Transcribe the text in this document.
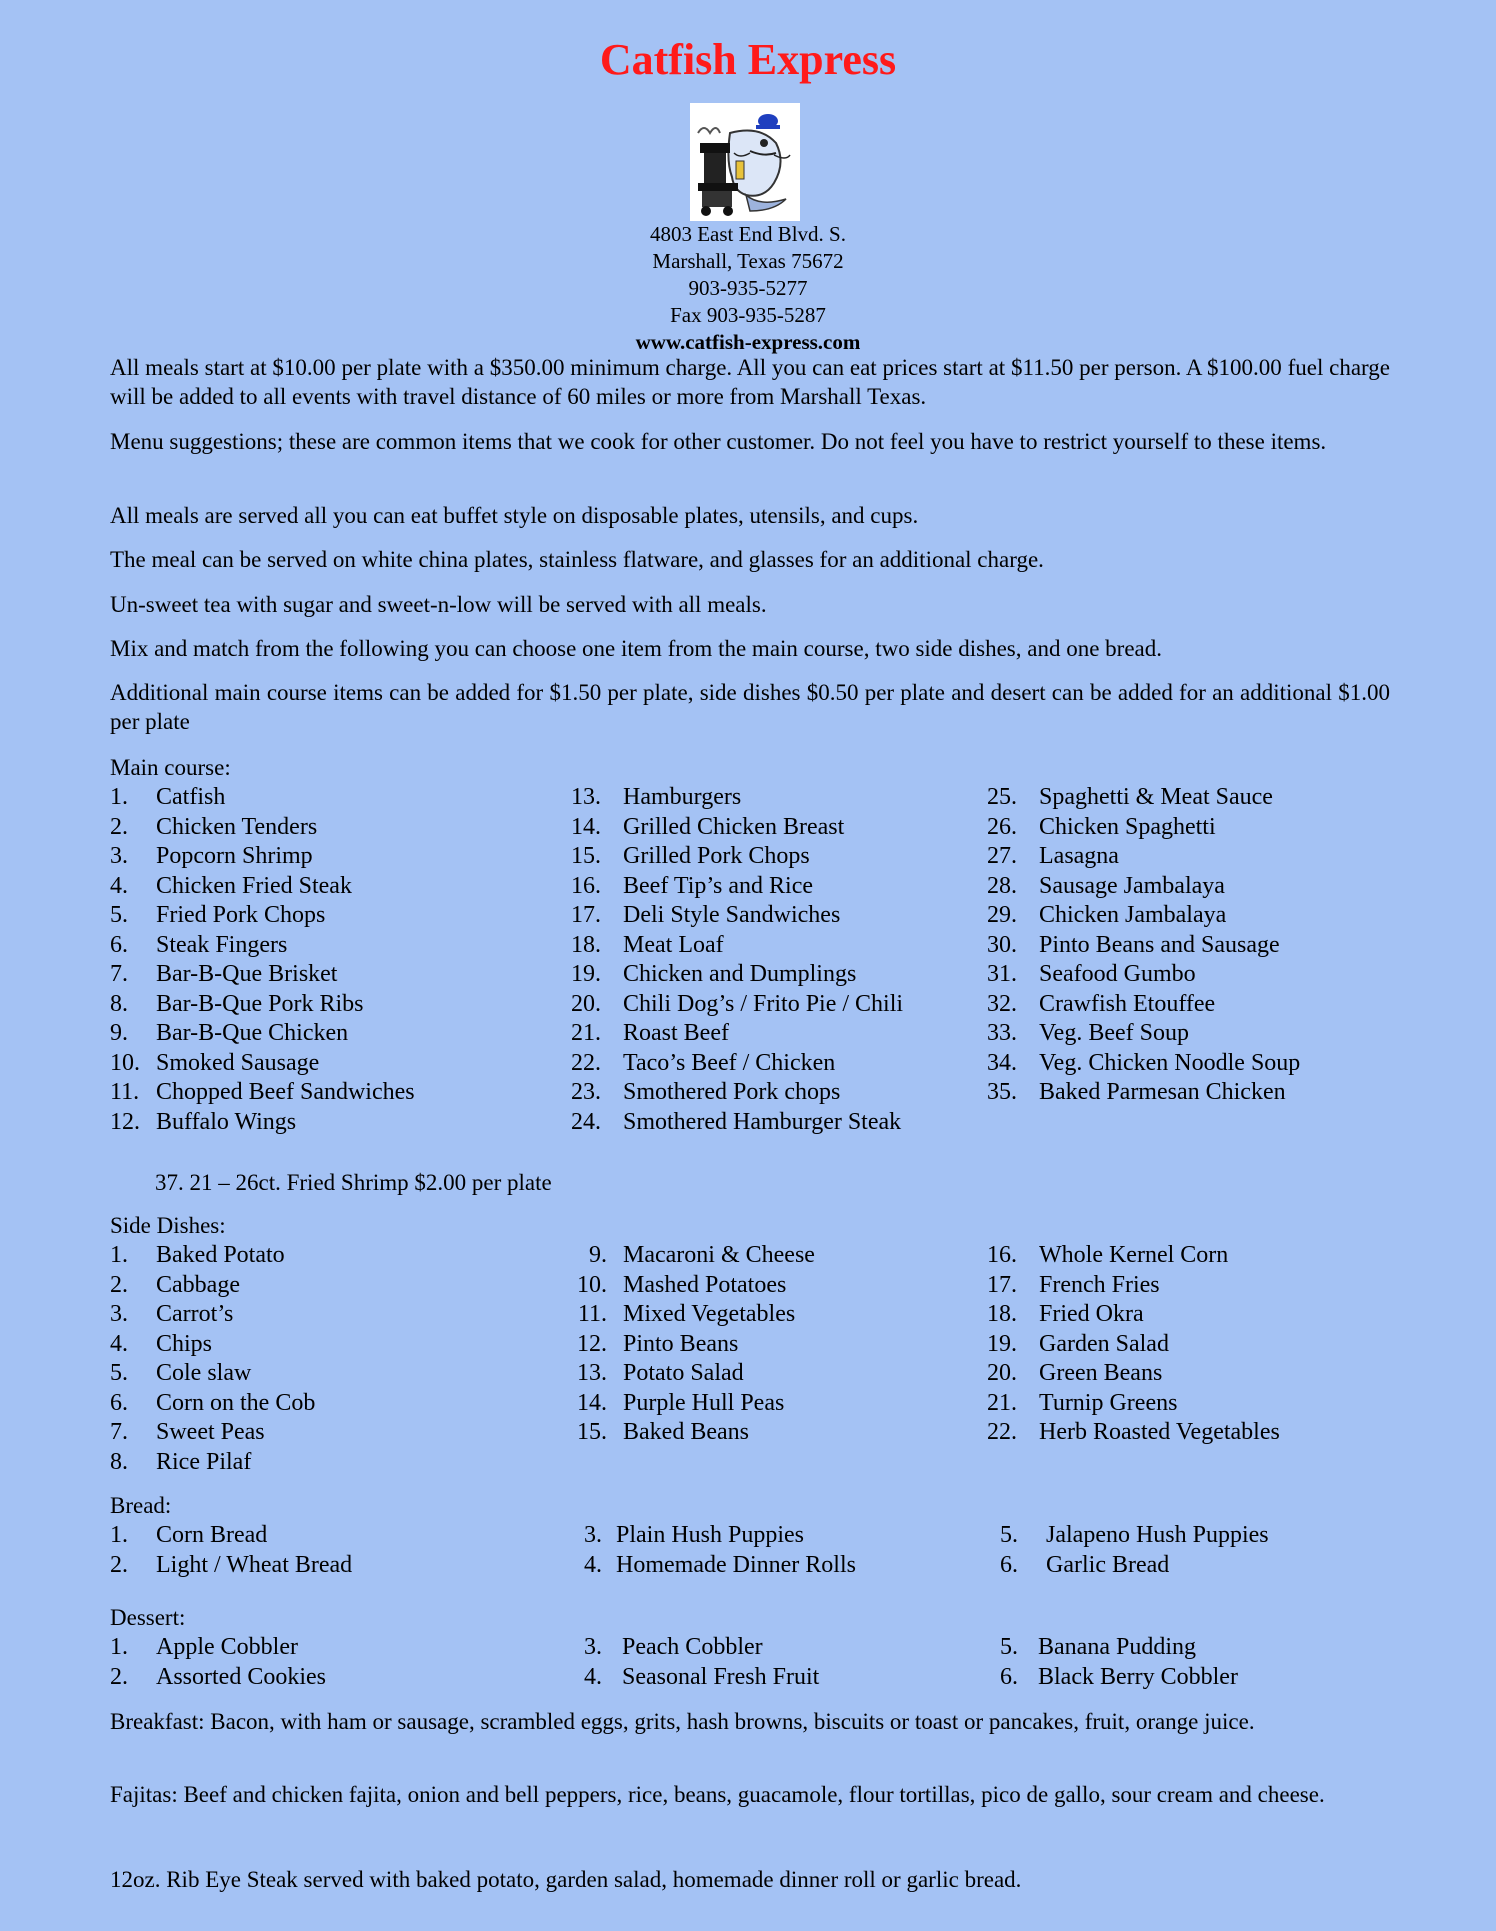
Catfish Express
4803 East End Blvd. S.
Marshall, Texas 75672
903-935-5277
Fax 903-935-5287
www.catfish-express.com
All meals start at $10.00 per plate with a $350.00 minimum charge. All you can eat prices start at $11.50 per person. A $100.00 fuel charge will be added to all events with travel distance of 60 miles or more from Marshall Texas.
Menu suggestions; these are common items that we cook for other customer. Do not feel you have to restrict yourself to these items.
All meals are served all you can eat buffet style on disposable plates, utensils, and cups.
The meal can be served on white china plates, stainless flatware, and glasses for an additional charge.
Un-sweet tea with sugar and sweet-n-low will be served with all meals.
Mix and match from the following you can choose one item from the main course, two side dishes, and one bread.
Additional main course items can be added for $1.50 per plate, side dishes $0.50 per plate and desert can be added for an additional $1.00 per plate
Main course:
1. Catfish
2. Chicken Tenders
3. Popcorn Shrimp
4. Chicken Fried Steak
5. Fried Pork Chops
6. Steak Fingers
7. Bar-B-Que Brisket
8. Bar-B-Que Pork Ribs
9. Bar-B-Que Chicken
10. Smoked Sausage
11. Chopped Beef Sandwiches
12. Buffalo Wings
13. Hamburgers
14. Grilled Chicken Breast
15. Grilled Pork Chops
16. Beef Tip’s and Rice
17. Deli Style Sandwiches
18. Meat Loaf
19. Chicken and Dumplings
20. Chili Dog’s / Frito Pie / Chili
21. Roast Beef
22. Taco’s Beef / Chicken
23. Smothered Pork chops
24. Smothered Hamburger Steak
25. Spaghetti & Meat Sauce
26. Chicken Spaghetti
27. Lasagna
28. Sausage Jambalaya
29. Chicken Jambalaya
30. Pinto Beans and Sausage
31. Seafood Gumbo
32. Crawfish Etouffee
33. Veg. Beef Soup
34. Veg. Chicken Noodle Soup
35. Baked Parmesan Chicken
37. 21 – 26ct. Fried Shrimp $2.00 per plate
Side Dishes:
1. Baked Potato
2. Cabbage
3. Carrot’s
4. Chips
5. Cole slaw
6. Corn on the Cob
7. Sweet Peas
8. Rice Pilaf
9. Macaroni & Cheese
10. Mashed Potatoes
11. Mixed Vegetables
12. Pinto Beans
13. Potato Salad
14. Purple Hull Peas
15. Baked Beans
16. Whole Kernel Corn
17. French Fries
18. Fried Okra
19. Garden Salad
20. Green Beans
21. Turnip Greens
22. Herb Roasted Vegetables
Bread:
1. Corn Bread
2. Light / Wheat Bread
3. Plain Hush Puppies
4. Homemade Dinner Rolls
5. Jalapeno Hush Puppies
6. Garlic Bread
Dessert:
1. Apple Cobbler
2. Assorted Cookies
3. Peach Cobbler
4. Seasonal Fresh Fruit
5. Banana Pudding
6. Black Berry Cobbler
Breakfast: Bacon, with ham or sausage, scrambled eggs, grits, hash browns, biscuits or toast or pancakes, fruit, orange juice.
Fajitas: Beef and chicken fajita, onion and bell peppers, rice, beans, guacamole, flour tortillas, pico de gallo, sour cream and cheese.
12oz. Rib Eye Steak served with baked potato, garden salad, homemade dinner roll or garlic bread.
